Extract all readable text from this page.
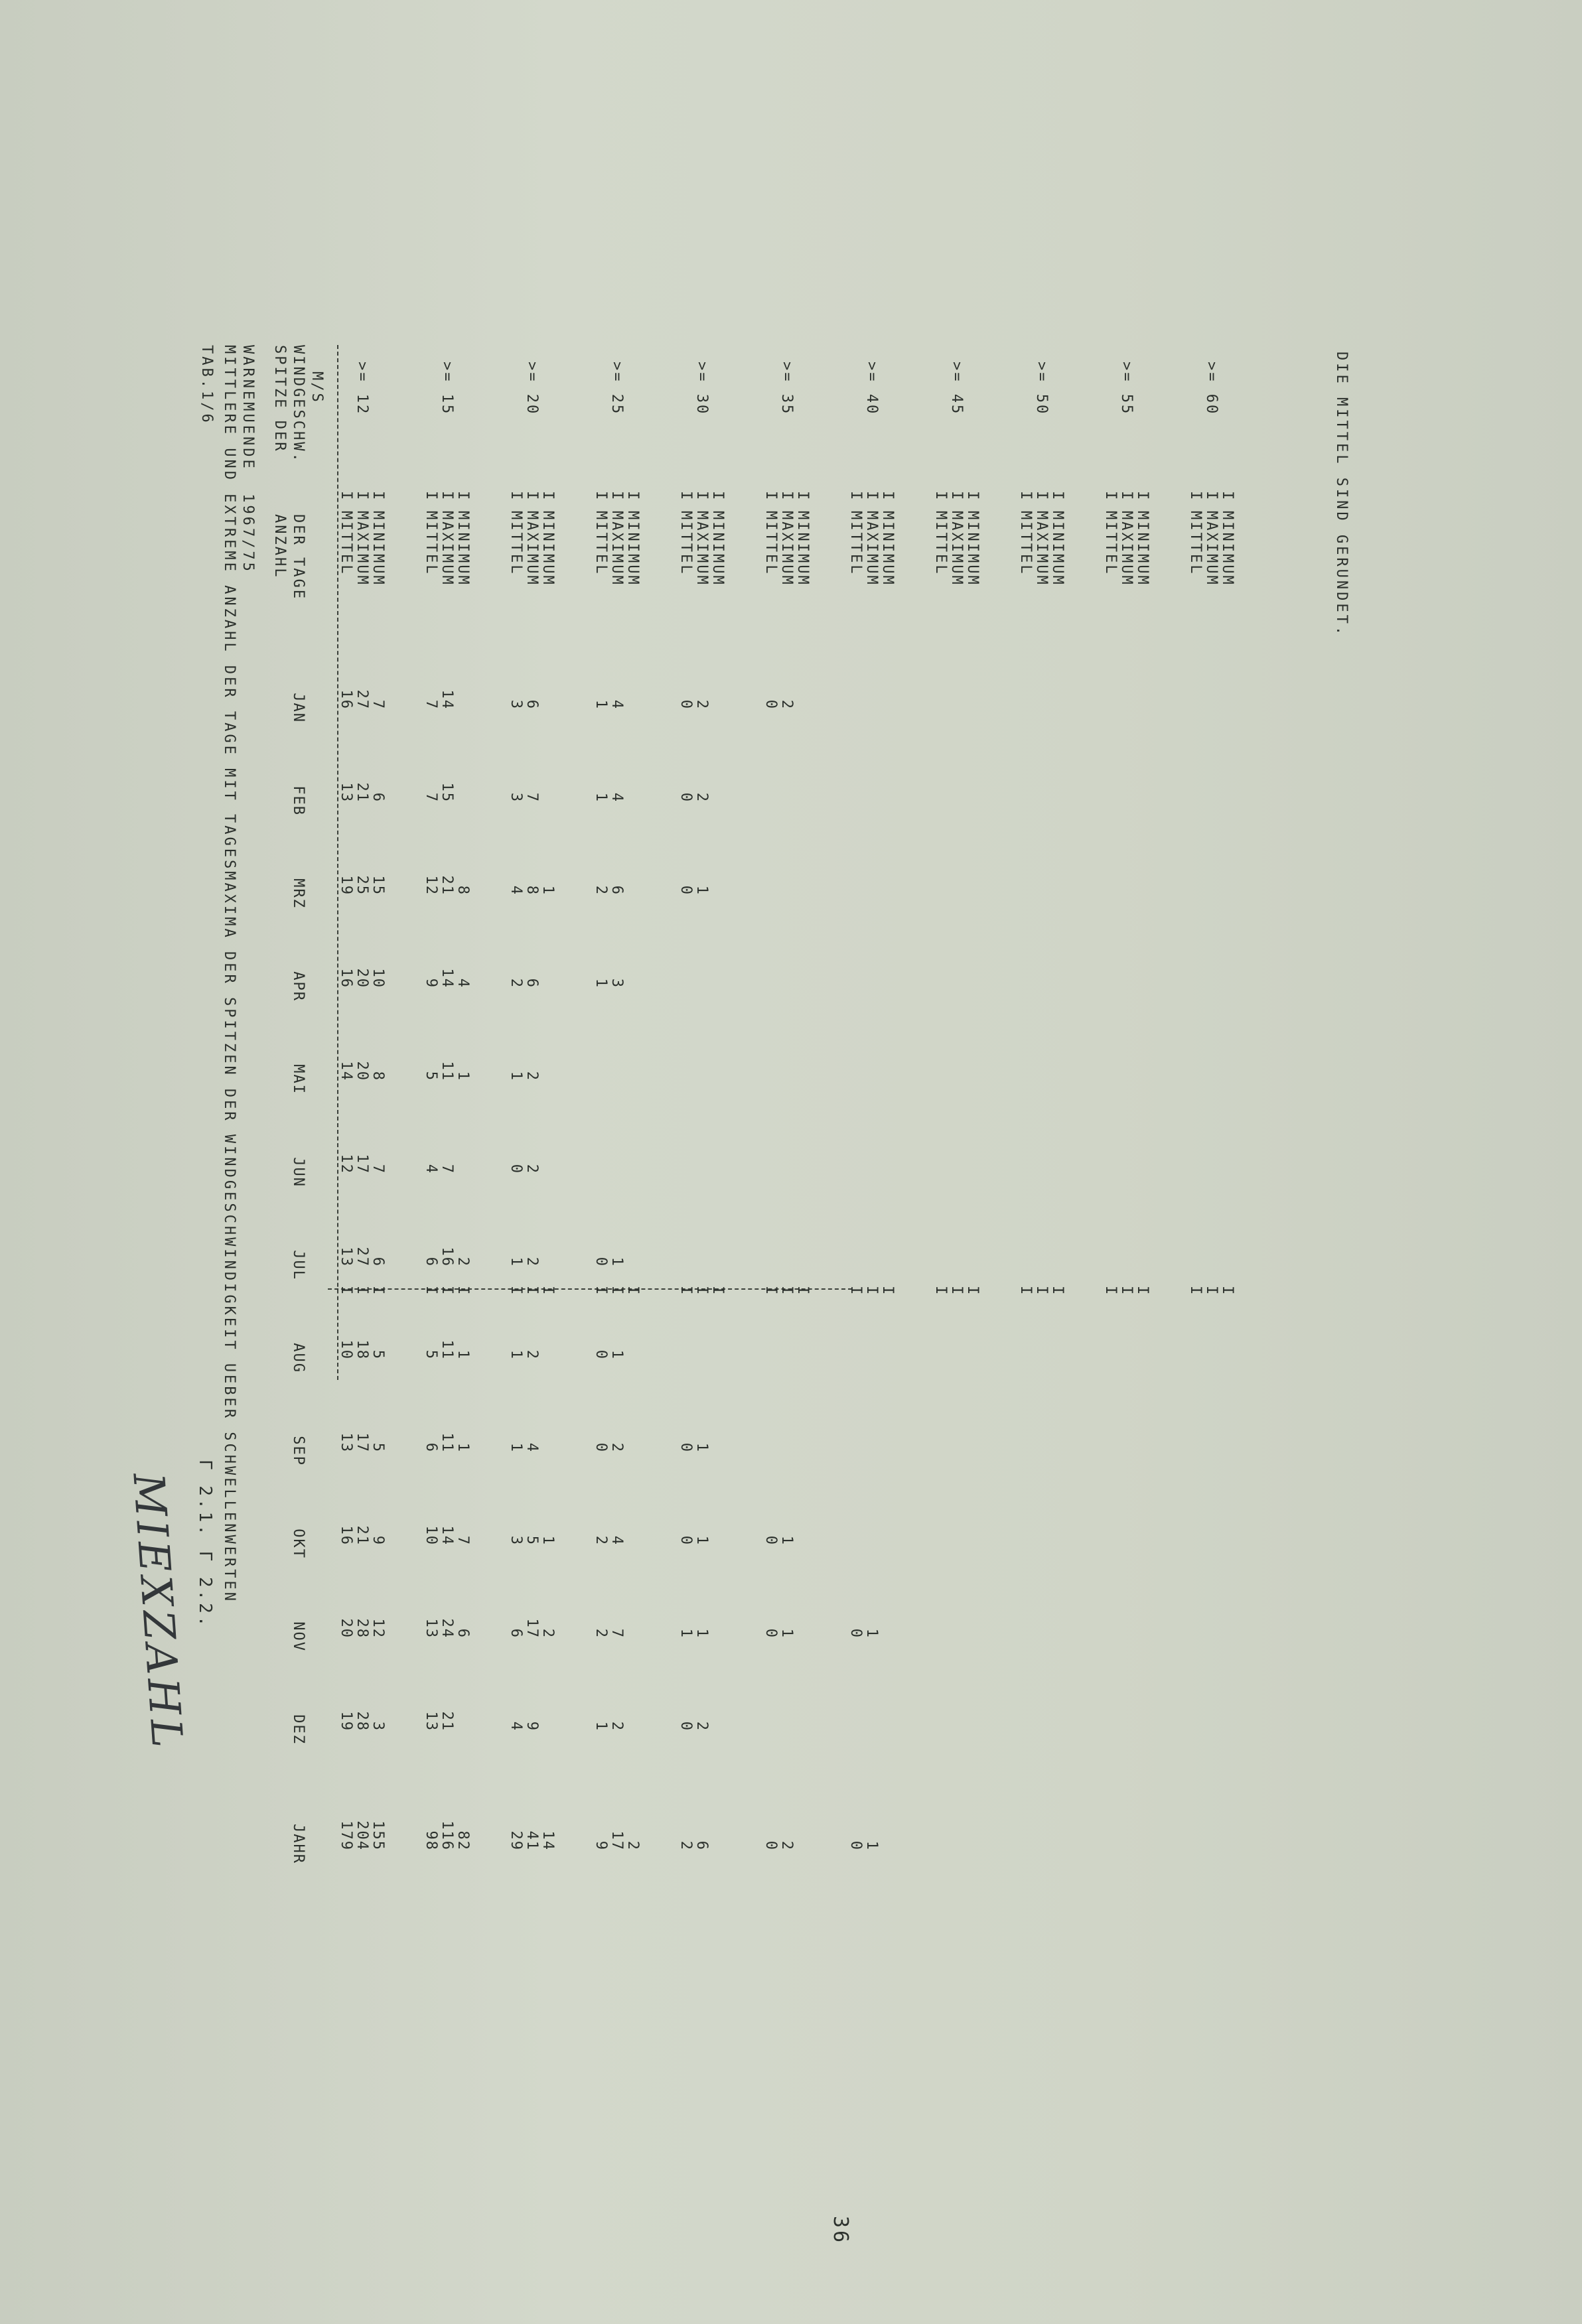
TAB.1/6 MITTLERE UND EXTREME ANZAHL DER TAGE MIT TAGESMAXIMA DER SPITZEN DER WINDGESCHWINDIGKEIT UEBER SCHWELLENWERTEN WARNEMUENDE  1967/75
Γ 2.1. Γ 2.2.
MIEXZAHL
SPITZE DER WINDGESCHW. M/S
ANZAHL DER TAGE
JAN
FEB
MRZ
APR
MAI
JUN
JUL
AUG
SEP
OKT
NOV
DEZ
JAHR
>= 12
I
MITTEL
16
13
19
16
14
12
13
10
13
16
20
19
179
I
I
MAXIMUM
27
21
25
20
20
17
27
18
17
21
28
28
204
I
I
MINIMUM
7
6
15
10
8
7
6
5
5
9
12
3
155
I
>= 15
I
MITTEL
7
7
12
9
5
4
6
5
6
10
13
13
98
I
I
MAXIMUM
14
15
21
14
11
7
16
11
11
14
24
21
116
I
I
MINIMUM
8
4
1
2
1
1
7
6
82
I
>= 20
I
MITTEL
3
3
4
2
1
0
1
1
1
3
6
4
29
I
I
MAXIMUM
6
7
8
6
2
2
2
2
4
5
17
9
41
I
I
MINIMUM
1
1
2
14
I
>= 25
I
MITTEL
1
1
2
1
0
0
0
2
2
1
9
I
I
MAXIMUM
4
4
6
3
1
1
2
4
7
2
17
I
I
MINIMUM
2
I
>= 30
I
MITTEL
0
0
0
0
0
1
0
2
I
I
MAXIMUM
2
2
1
1
1
1
2
6
I
I
MINIMUM
I
>= 35
I
MITTEL
0
0
0
0
I
I
MAXIMUM
2
1
1
2
I
I
MINIMUM
I
>= 40
I
MITTEL
0
0
I
I
MAXIMUM
1
1
I
I
MINIMUM
I
>= 45
I
MITTEL
I
I
MAXIMUM
I
I
MINIMUM
I
>= 50
I
MITTEL
I
I
MAXIMUM
I
I
MINIMUM
I
>= 55
I
MITTEL
I
I
MAXIMUM
I
I
MINIMUM
I
>= 60
I
MITTEL
I
I
MAXIMUM
I
I
MINIMUM
I
DIE MITTEL SIND GERUNDET.
36
